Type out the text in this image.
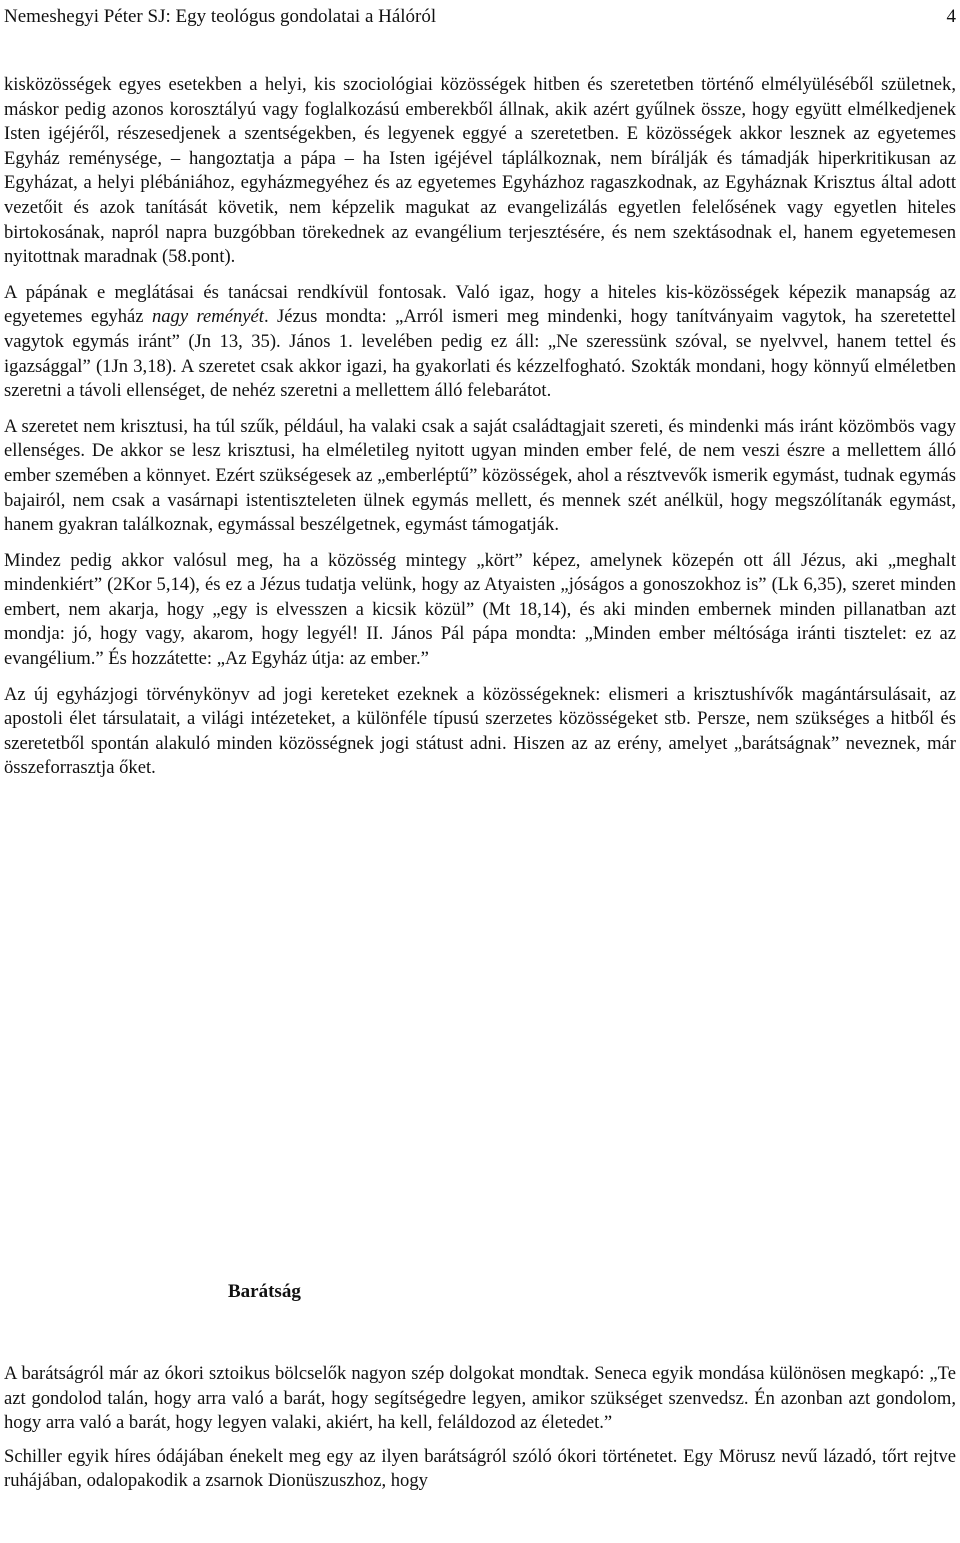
Nemeshegyi Péter SJ: Egy teológus gondolatai a Hálóról	4

kisközösségek egyes esetekben a helyi, kis szociológiai közösségek hitben és szeretetben történő elmélyüléséből születnek, máskor pedig azonos korosztályú vagy foglalkozású emberekből állnak, akik azért gyűlnek össze, hogy együtt elmélkedjenek Isten igéjéről, részesedjenek a szentségekben, és legyenek eggyé a szeretetben. E közösségek akkor lesznek az egyetemes Egyház reménysége, – hangoztatja a pápa – ha Isten igéjével táplálkoznak, nem bírálják és támadják hiperkritikusan az Egyházat, a helyi plébániához, egyházmegyéhez és az egyetemes Egyházhoz ragaszkodnak, az Egyháznak Krisztus által adott vezetőit és azok tanítását követik, nem képzelik magukat az evangelizálás egyetlen felelősének vagy egyetlen hiteles birtokosának, napról napra buzgóbban törekednek az evangélium terjesztésére, és nem szektásodnak el, hanem egyetemesen nyitottnak maradnak (58.pont).

A pápának e meglátásai és tanácsai rendkívül fontosak. Való igaz, hogy a hiteles kis-közösségek képezik manapság az egyetemes egyház nagy reményét. Jézus mondta: „Arról ismeri meg mindenki, hogy tanítványaim vagytok, ha szeretettel vagytok egymás iránt” (Jn 13, 35). János 1. levelében pedig ez áll: „Ne szeressünk szóval, se nyelvvel, hanem tettel és igazsággal” (1Jn 3,18). A szeretet csak akkor igazi, ha gyakorlati és kézzelfogható. Szokták mondani, hogy könnyű elméletben szeretni a távoli ellenséget, de nehéz szeretni a mellettem álló felebarátot.

A szeretet nem krisztusi, ha túl szűk, például, ha valaki csak a saját családtagjait szereti, és mindenki más iránt közömbös vagy ellenséges. De akkor se lesz krisztusi, ha elméletileg nyitott ugyan minden ember felé, de nem veszi észre a mellettem álló ember szemében a könnyet. Ezért szükségesek az „emberléptű” közösségek, ahol a résztvevők ismerik egymást, tudnak egymás bajairól, nem csak a vasárnapi istentiszteleten ülnek egymás mellett, és mennek szét anélkül, hogy megszólítanák egymást, hanem gyakran találkoznak, egymással beszélgetnek, egymást támogatják.

Mindez pedig akkor valósul meg, ha a közösség mintegy „kört” képez, amelynek közepén ott áll Jézus, aki „meghalt mindenkiért” (2Kor 5,14), és ez a Jézus tudatja velünk, hogy az Atyaisten „jóságos a gonoszokhoz is” (Lk 6,35), szeret minden embert, nem akarja, hogy „egy is elvesszen a kicsik közül” (Mt 18,14), és aki minden embernek minden pillanatban azt mondja: jó, hogy vagy, akarom, hogy legyél! II. János Pál pápa mondta: „Minden ember méltósága iránti tisztelet: ez az evangélium.” És hozzátette: „Az Egyház útja: az ember.”

Az új egyházjogi törvénykönyv ad jogi kereteket ezeknek a közösségeknek: elismeri a krisztushívők magántársulásait, az apostoli élet társulatait, a világi intézeteket, a különféle típusú szerzetes közösségeket stb. Persze, nem szükséges a hitből és szeretetből spontán alakuló minden közösségnek jogi státust adni. Hiszen az az erény, amelyet „barátságnak” neveznek, már összeforrasztja őket.

Barátság

A barátságról már az ókori sztoikus bölcselők nagyon szép dolgokat mondtak. Seneca egyik mondása különösen megkapó: „Te azt gondolod talán, hogy arra való a barát, hogy segítségedre legyen, amikor szükséget szenvedsz. Én azonban azt gondolom, hogy arra való a barát, hogy legyen valaki, akiért, ha kell, feláldozod az életedet.”

Schiller egyik híres ódájában énekelt meg egy az ilyen barátságról szóló ókori történetet. Egy Mörusz nevű lázadó, tőrt rejtve ruhájában, odalopakodik a zsarnok Dionüszuszhoz, hogy
